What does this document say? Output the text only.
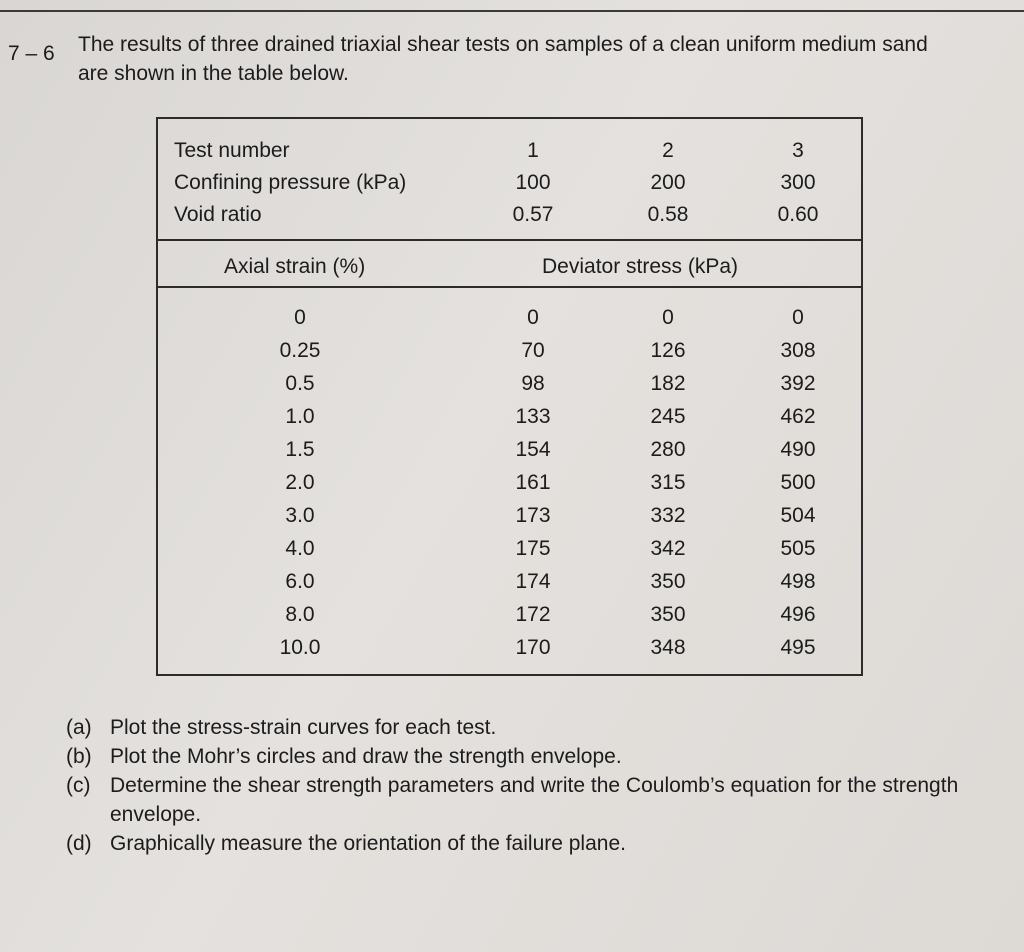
7 – 6 The results of three drained triaxial shear tests on samples of a clean uniform medium sand are shown in the table below.
Test number	1	2	3
Confining pressure (kPa)	100	200	300
Void ratio	0.57	0.58	0.60
Axial strain (%)	Deviator stress (kPa)
0	0	0	0
0.25	70	126	308
0.5	98	182	392
1.0	133	245	462
1.5	154	280	490
2.0	161	315	500
3.0	173	332	504
4.0	175	342	505
6.0	174	350	498
8.0	172	350	496
10.0	170	348	495
(a) Plot the stress-strain curves for each test.
(b) Plot the Mohr’s circles and draw the strength envelope.
(c) Determine the shear strength parameters and write the Coulomb’s equation for the strength envelope.
(d) Graphically measure the orientation of the failure plane.
